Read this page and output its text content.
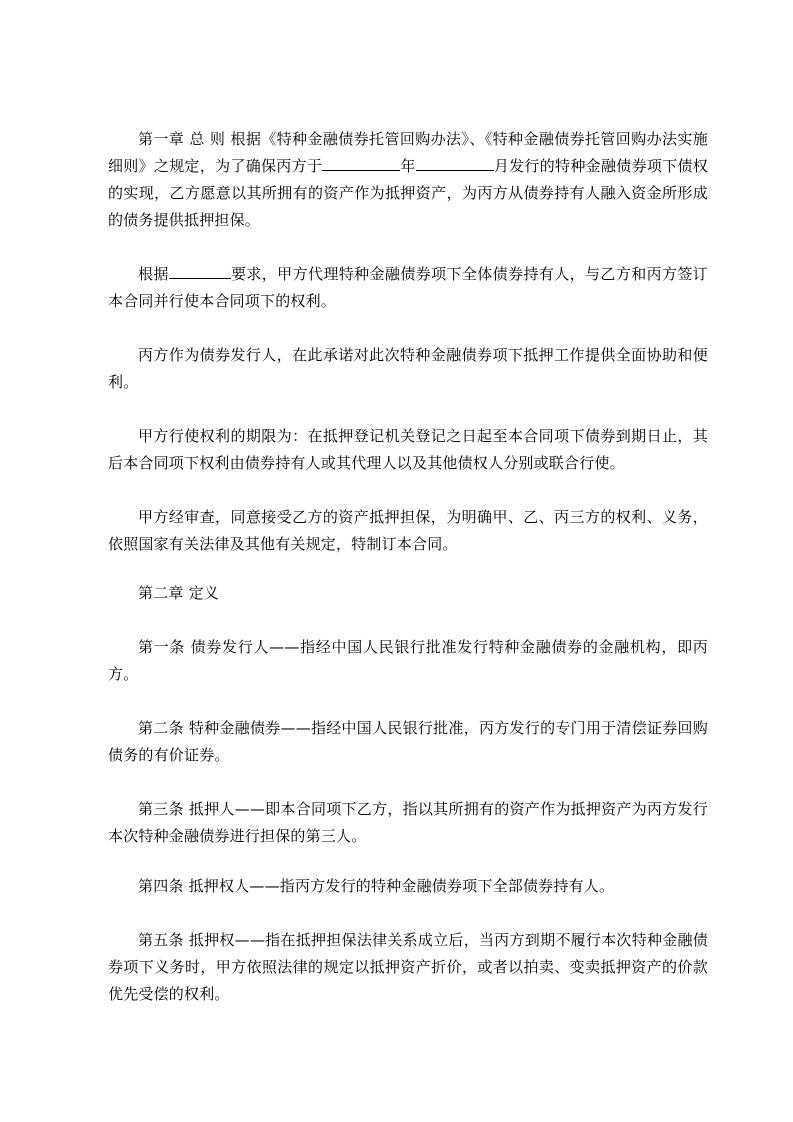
第一章 总 则 根据《特种金融债券托管回购办法》、《特种金融债券托管回购办法实施细则》之规定，为了确保丙方于	年	月发行的特种金融债券项下债权的实现，乙方愿意以其所拥有的资产作为抵押资产，为丙方从债券持有人融入资金所形成的债务提供抵押担保。

根据	要求，甲方代理特种金融债券项下全体债券持有人，与乙方和丙方签订本合同并行使本合同项下的权利。

丙方作为债券发行人，在此承诺对此次特种金融债券项下抵押工作提供全面协助和便利。

甲方行使权利的期限为：在抵押登记机关登记之日起至本合同项下债券到期日止，其后本合同项下权利由债券持有人或其代理人以及其他债权人分别或联合行使。

甲方经审查，同意接受乙方的资产抵押担保，为明确甲、乙、丙三方的权利、义务，依照国家有关法律及其他有关规定，特制订本合同。

第二章 定义

第一条 债券发行人——指经中国人民银行批准发行特种金融债券的金融机构，即丙方。

第二条 特种金融债券——指经中国人民银行批准，丙方发行的专门用于清偿证券回购债务的有价证券。

第三条 抵押人——即本合同项下乙方，指以其所拥有的资产作为抵押资产为丙方发行本次特种金融债券进行担保的第三人。

第四条 抵押权人——指丙方发行的特种金融债券项下全部债券持有人。

第五条 抵押权——指在抵押担保法律关系成立后，当丙方到期不履行本次特种金融债券项下义务时，甲方依照法律的规定以抵押资产折价，或者以拍卖、变卖抵押资产的价款优先受偿的权利。
